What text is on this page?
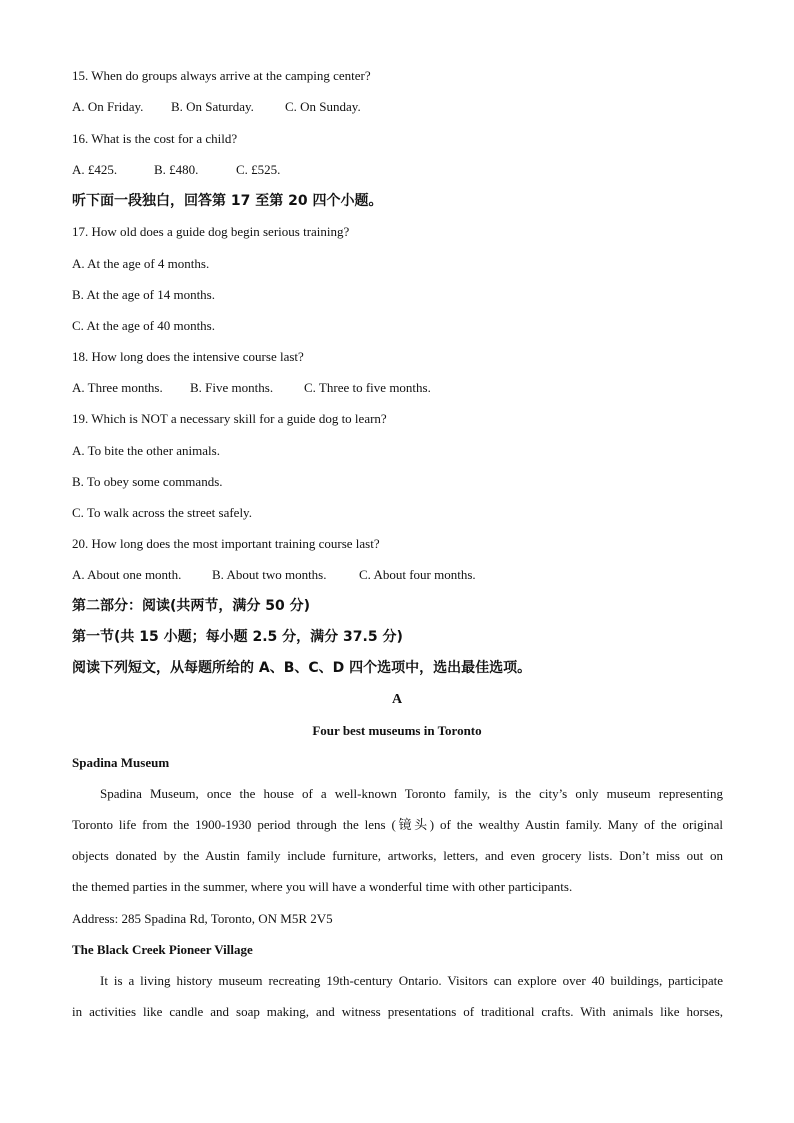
15. When do groups always arrive at the camping center?
A. On Friday. B. On Saturday. C. On Sunday.
16. What is the cost for a child?
A. £425.	B. £480.	C. £525.
听下面一段独白，回答第 17 至第 20 四个小题。
17. How old does a guide dog begin serious training?
A. At the age of 4 months.
B. At the age of 14 months.
C. At the age of 40 months.
18. How long does the intensive course last?
A. Three months. B. Five months. C. Three to five months.
19. Which is NOT a necessary skill for a guide dog to learn?
A. To bite the other animals.
B. To obey some commands.
C. To walk across the street safely.
20. How long does the most important training course last?
A. About one month. B. About two months.	C. About four months.
第二部分：阅读(共两节，满分 50 分)
第一节(共 15 小题；每小题 2.5 分，满分 37.5 分)
阅读下列短文，从每题所给的 A、B、C、D 四个选项中，选出最佳选项。
A
Four best museums in Toronto
Spadina Museum
Spadina Museum, once the house of a well-known Toronto family, is the city’s only museum representing
Toronto life from the 1900-1930 period through the lens (镜头) of the wealthy Austin family. Many of the original
objects donated by the Austin family include furniture, artworks, letters, and even grocery lists. Don’t miss out on
the themed parties in the summer, where you will have a wonderful time with other participants.
Address: 285 Spadina Rd, Toronto, ON M5R 2V5
The Black Creek Pioneer Village
It is a living history museum recreating 19th-century Ontario. Visitors can explore over 40 buildings, participate
in activities like candle and soap making, and witness presentations of traditional crafts. With animals like horses,
